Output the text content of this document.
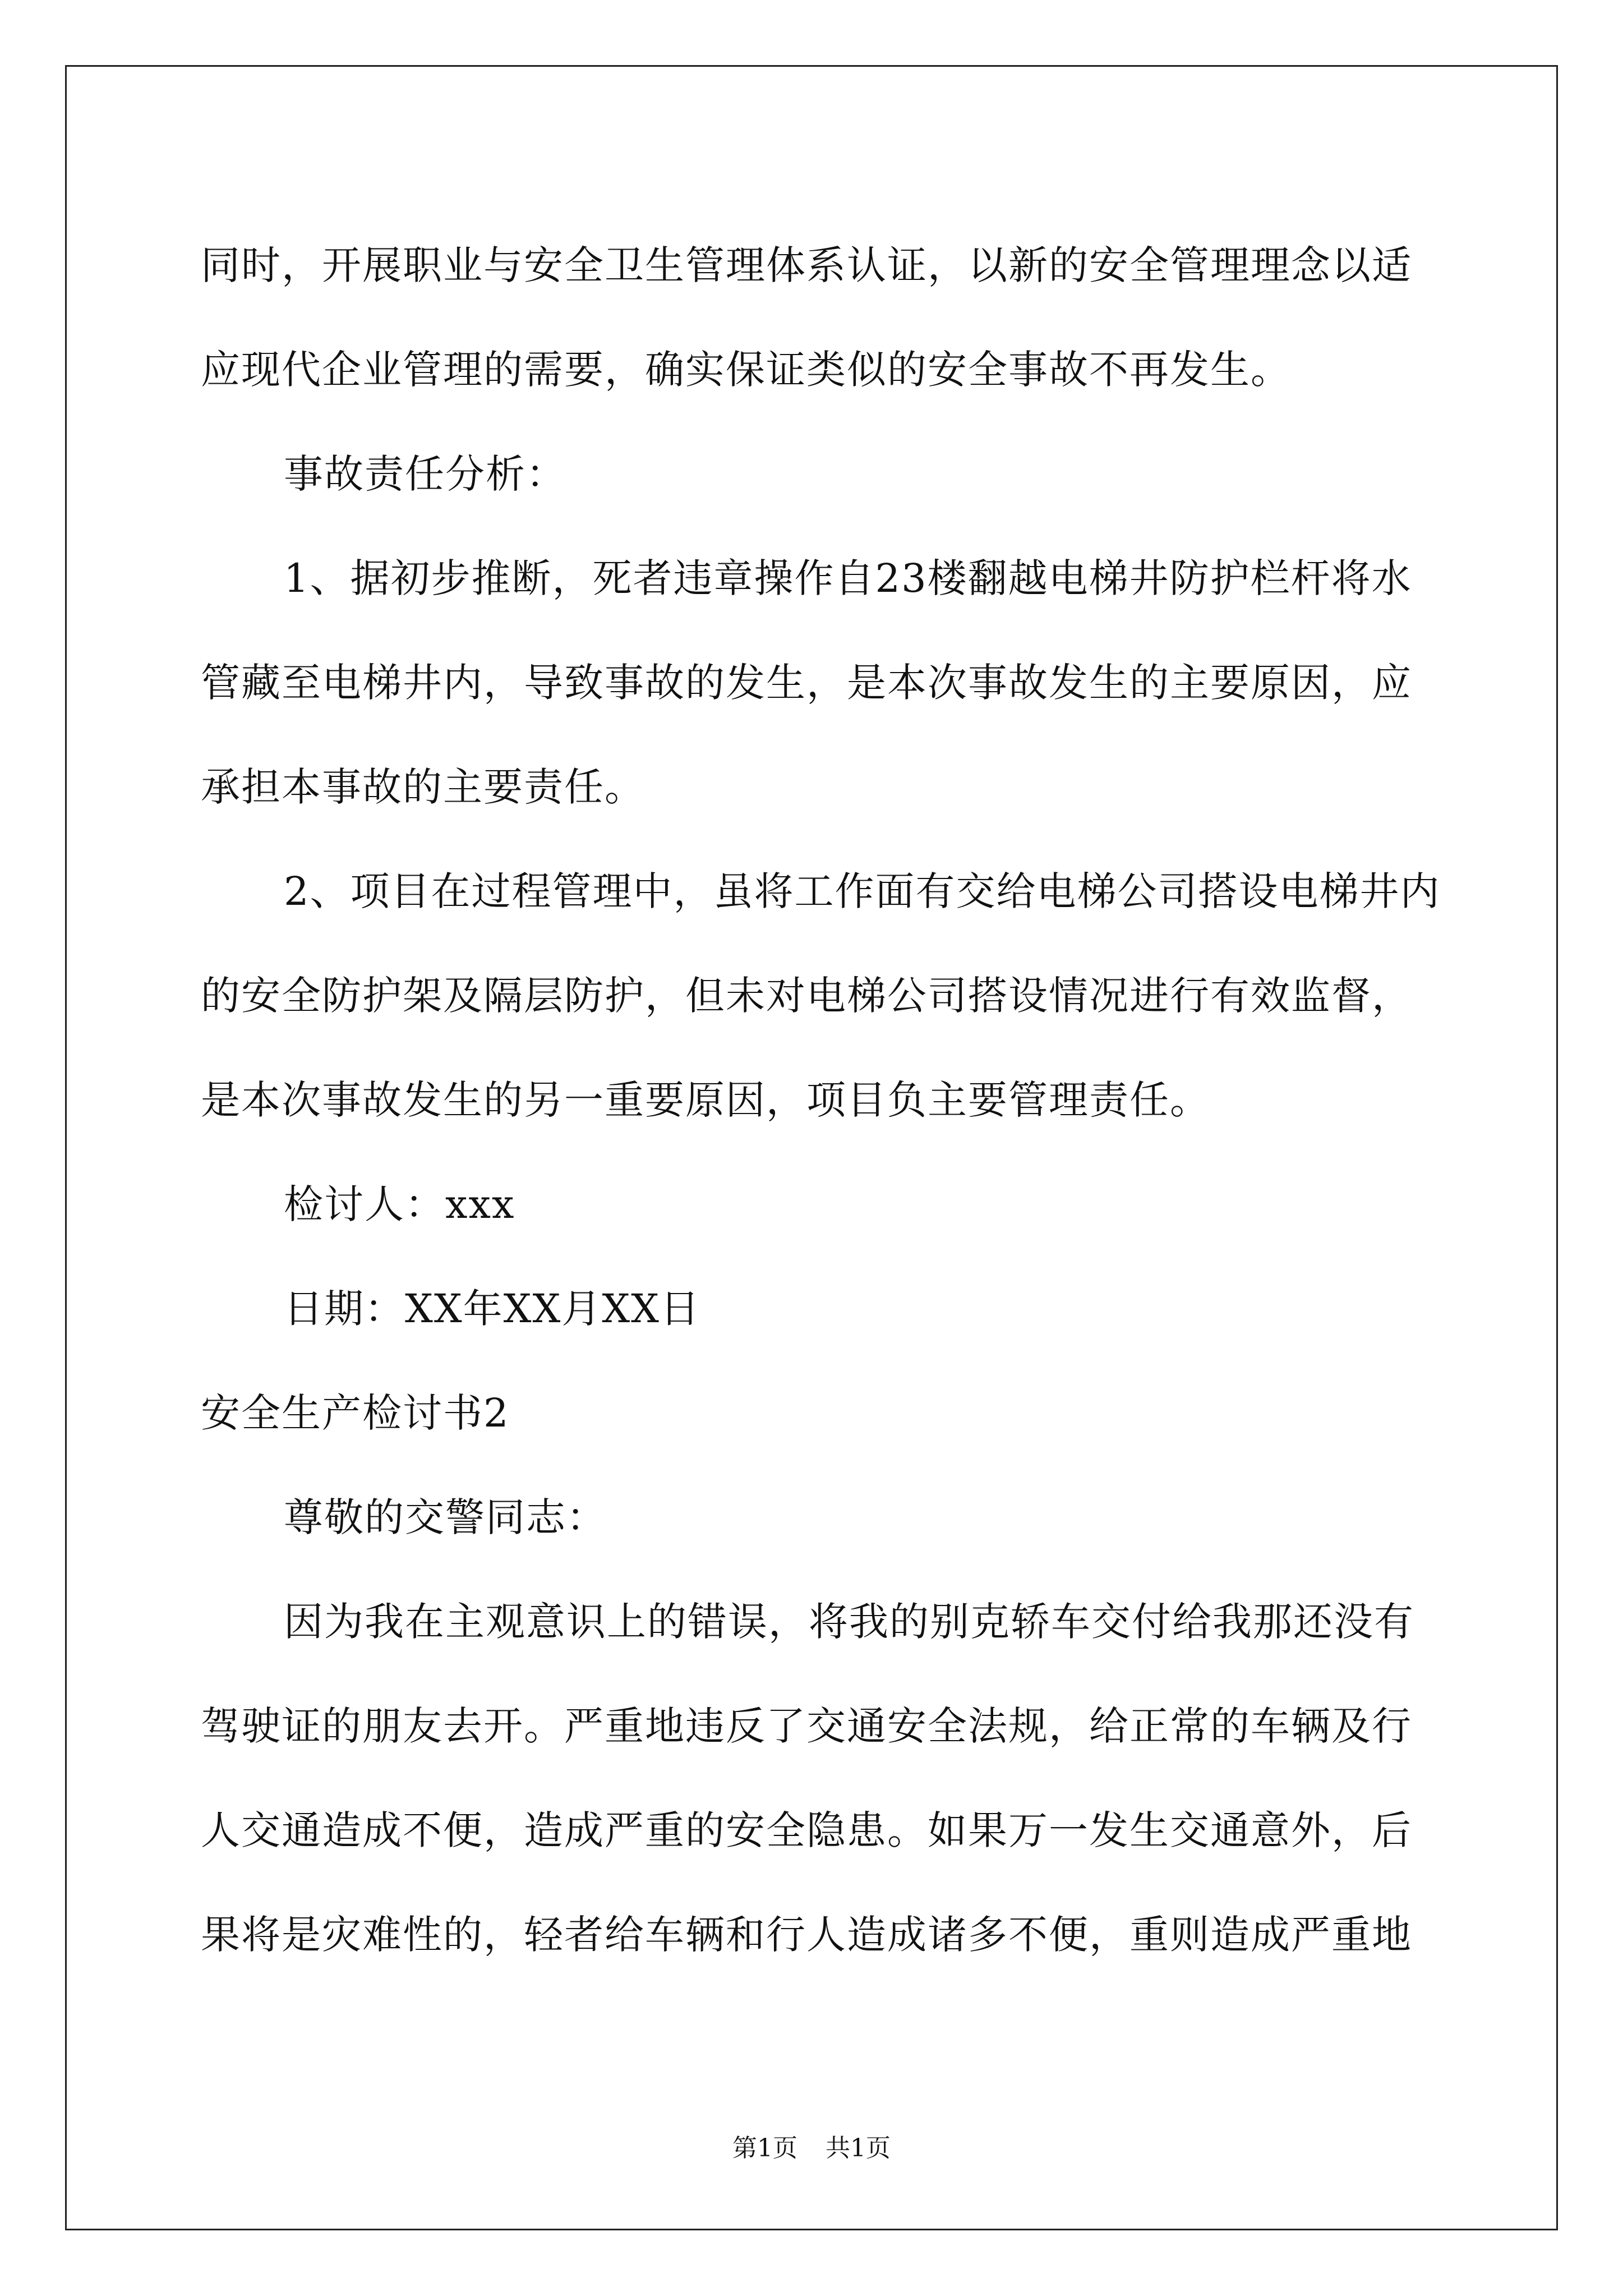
同时，开展职业与安全卫生管理体系认证，以新的安全管理理念以适
应现代企业管理的需要，确实保证类似的安全事故不再发生。
事故责任分析：
1、据初步推断，死者违章操作自23楼翻越电梯井防护栏杆将水
管藏至电梯井内，导致事故的发生，是本次事故发生的主要原因，应
承担本事故的主要责任。
2、项目在过程管理中，虽将工作面有交给电梯公司搭设电梯井内
的安全防护架及隔层防护，但未对电梯公司搭设情况进行有效监督，
是本次事故发生的另一重要原因，项目负主要管理责任。
检讨人：xxx
日期：XX年XX月XX日
安全生产检讨书2
尊敬的交警同志：
因为我在主观意识上的错误，将我的别克轿车交付给我那还没有
驾驶证的朋友去开。严重地违反了交通安全法规，给正常的车辆及行
人交通造成不便，造成严重的安全隐患。如果万一发生交通意外，后
果将是灾难性的，轻者给车辆和行人造成诸多不便，重则造成严重地
第1页 共1页
